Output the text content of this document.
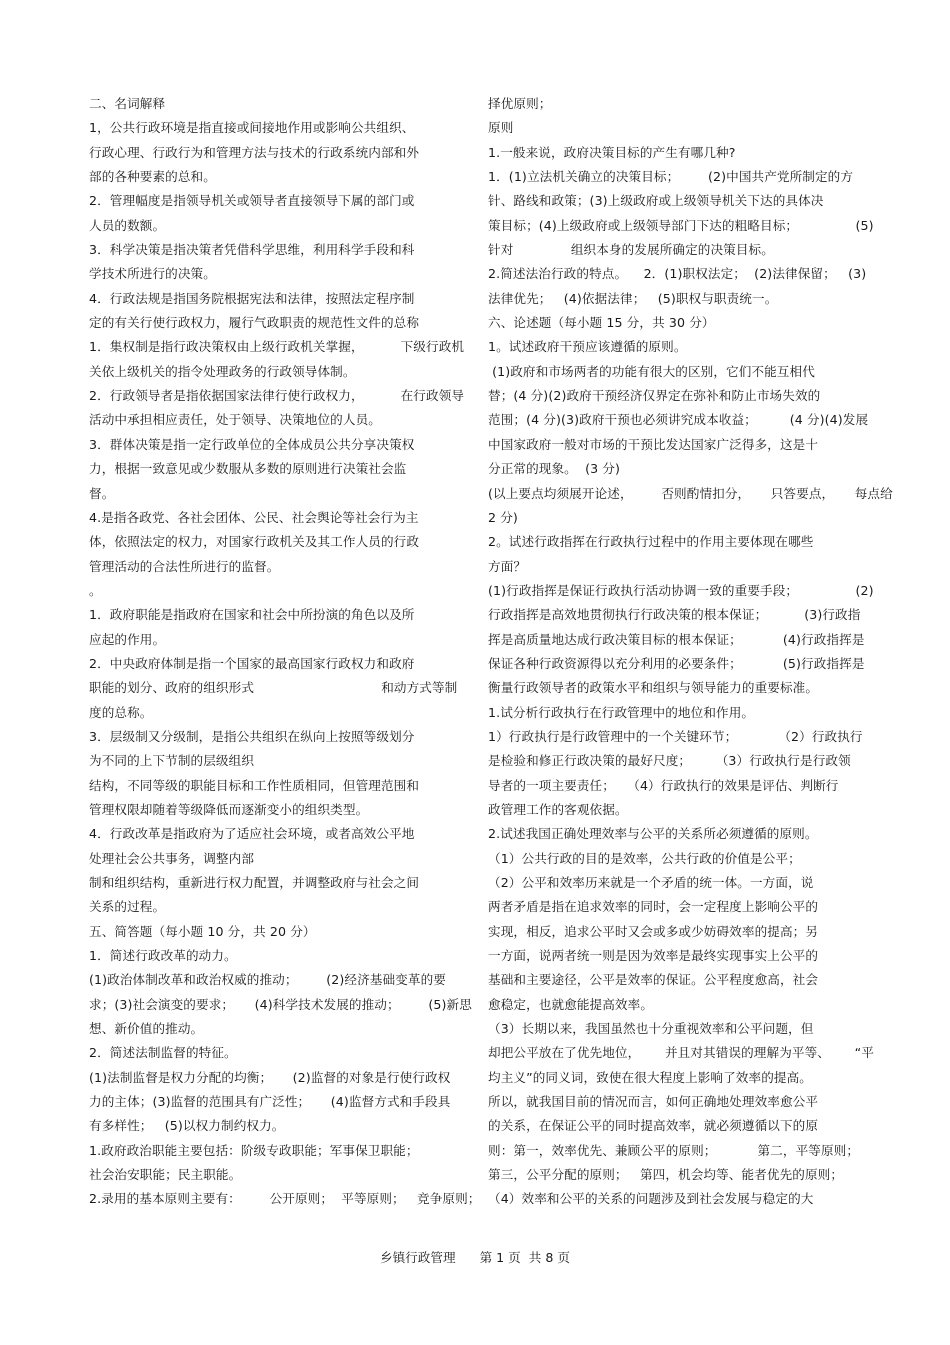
二、名词解释

1，公共行政环境是指直接或间接地作用或影响公共组织、

行政心理、行政行为和管理方法与技术的行政系统内部和外

部的各种要素的总和。

2．管理幅度是指领导机关或领导者直接领导下属的部门或

人员的数额。

3．科学决策是指决策者凭借科学思维，利用科学手段和科

学技术所进行的决策。

4．行政法规是指国务院根据宪法和法律，按照法定程序制

定的有关行使行政权力，履行气政职责的规范性文件的总称

1．集权制是指行政决策权由上级行政机关掌握，         下级行政机

关依上级机关的指令处理政务的行政领导体制。

2．行政领导者是指依据国家法律行使行政权力，         在行政领导

活动中承担相应责任，处于领导、决策地位的人员。

3．群体决策是指一定行政单位的全体成员公共分享决策权

力，根据一致意见或少数服从多数的原则进行决策社会监

督。

4.是指各政党、各社会团体、公民、社会舆论等社会行为主

体，依照法定的权力，对国家行政机关及其工作人员的行政

管理活动的合法性所进行的监督。

。

1．政府职能是指政府在国家和社会中所扮演的角色以及所

应起的作用。

2．中央政府体制是指一个国家的最高国家行政权力和政府

职能的划分、政府的组织形式                               和动方式等制

度的总称。

3．层级制又分级制，是指公共组织在纵向上按照等级划分

为不同的上下节制的层级组织

结构，不同等级的职能目标和工作性质相同，但管理范围和

管理权限却随着等级降低而逐渐变小的组织类型。

4．行政改革是指政府为了适应社会环境，或者高效公平地

处理社会公共事务，调整内部

制和组织结构，重新进行权力配置，并调整政府与社会之间

关系的过程。

五、简答题（每小题 10 分，共 20 分）

1．简述行政改革的动力。

(1)政治体制改革和政治权威的推动；       (2)经济基础变革的要

求；(3)社会演变的要求；     (4)科学技术发展的推动；       (5)新思

想、新价值的推动。

2．简述法制监督的特征。

(1)法制监督是权力分配的均衡；     (2)监督的对象是行使行政权

力的主体；(3)监督的范围具有广泛性；     (4)监督方式和手段具

有多样性；   (5)以权力制约权力。

1.政府政治职能主要包括：阶级专政职能；军事保卫职能；

社会治安职能；民主职能。

2.录用的基本原则主要有：       公开原则；  平等原则；   竞争原则；

择优原则；

原则

1.一般来说，政府决策目标的产生有哪几种?

1．(1)立法机关确立的决策目标；       (2)中国共产党所制定的方

针、路线和政策；(3)上级政府或上级领导机关下达的具体决

策目标；(4)上级政府或上级领导部门下达的粗略目标；              (5)

针对              组织本身的发展所确定的决策目标。

2.简述法治行政的特点。    2．(1)职权法定；  (2)法律保留；   (3)

法律优先；   (4)依据法律；   (5)职权与职责统一。

六、论述题（每小题 15 分，共 30 分）

1。试述政府干预应该遵循的原则。

(1)政府和市场两者的功能有很大的区别，它们不能互相代

替；(4 分)(2)政府干预经济仅界定在弥补和防止市场失效的

范围；(4 分)(3)政府干预也必须讲究成本收益；        (4 分)(4)发展

中国家政府一般对市场的干预比发达国家广泛得多，这是十

分正常的现象。  (3 分)

(以上要点均须展开论述，       否则酌情扣分，     只答要点，     每点给

2 分)

2。试述行政指挥在行政执行过程中的作用主要体现在哪些

方面？

(1)行政指挥是保证行政执行活动协调一致的重要手段；              (2)

行政指挥是高效地贯彻执行行政决策的根本保证；         (3)行政指

挥是高质量地达成行政决策目标的根本保证；          (4)行政指挥是

保证各种行政资源得以充分利用的必要条件；          (5)行政指挥是

衡量行政领导者的政策水平和组织与领导能力的重要标准。

1.试分析行政执行在行政管理中的地位和作用。

1）行政执行是行政管理中的一个关键环节；          （2）行政执行

是检验和修正行政决策的最好尺度；      （3）行政执行是行政领

导者的一项主要责任；   （4）行政执行的效果是评估、判断行

政管理工作的客观依据。

2.试述我国正确处理效率与公平的关系所必须遵循的原则。

（1）公共行政的目的是效率，公共行政的价值是公平；

（2）公平和效率历来就是一个矛盾的统一体。一方面，说

两者矛盾是指在追求效率的同时，会一定程度上影响公平的

实现，相反，追求公平时又会或多或少妨碍效率的提高；另

一方面，说两者统一则是因为效率是最终实现事实上公平的

基础和主要途径，公平是效率的保证。公平程度愈高，社会

愈稳定，也就愈能提高效率。

（3）长期以来，我国虽然也十分重视效率和公平问题，但

却把公平放在了优先地位，      并且对其错误的理解为平等、      “平

均主义”的同义词，致使在很大程度上影响了效率的提高。

所以，就我国目前的情况而言，如何正确地处理效率愈公平

的关系，在保证公平的同时提高效率，就必须遵循以下的原

则：第一，效率优先、兼顾公平的原则；          第二，平等原则；

第三，公平分配的原则；   第四，机会均等、能者优先的原则；

（4）效率和公平的关系的问题涉及到社会发展与稳定的大

乡镇行政管理      第 1 页  共 8 页
